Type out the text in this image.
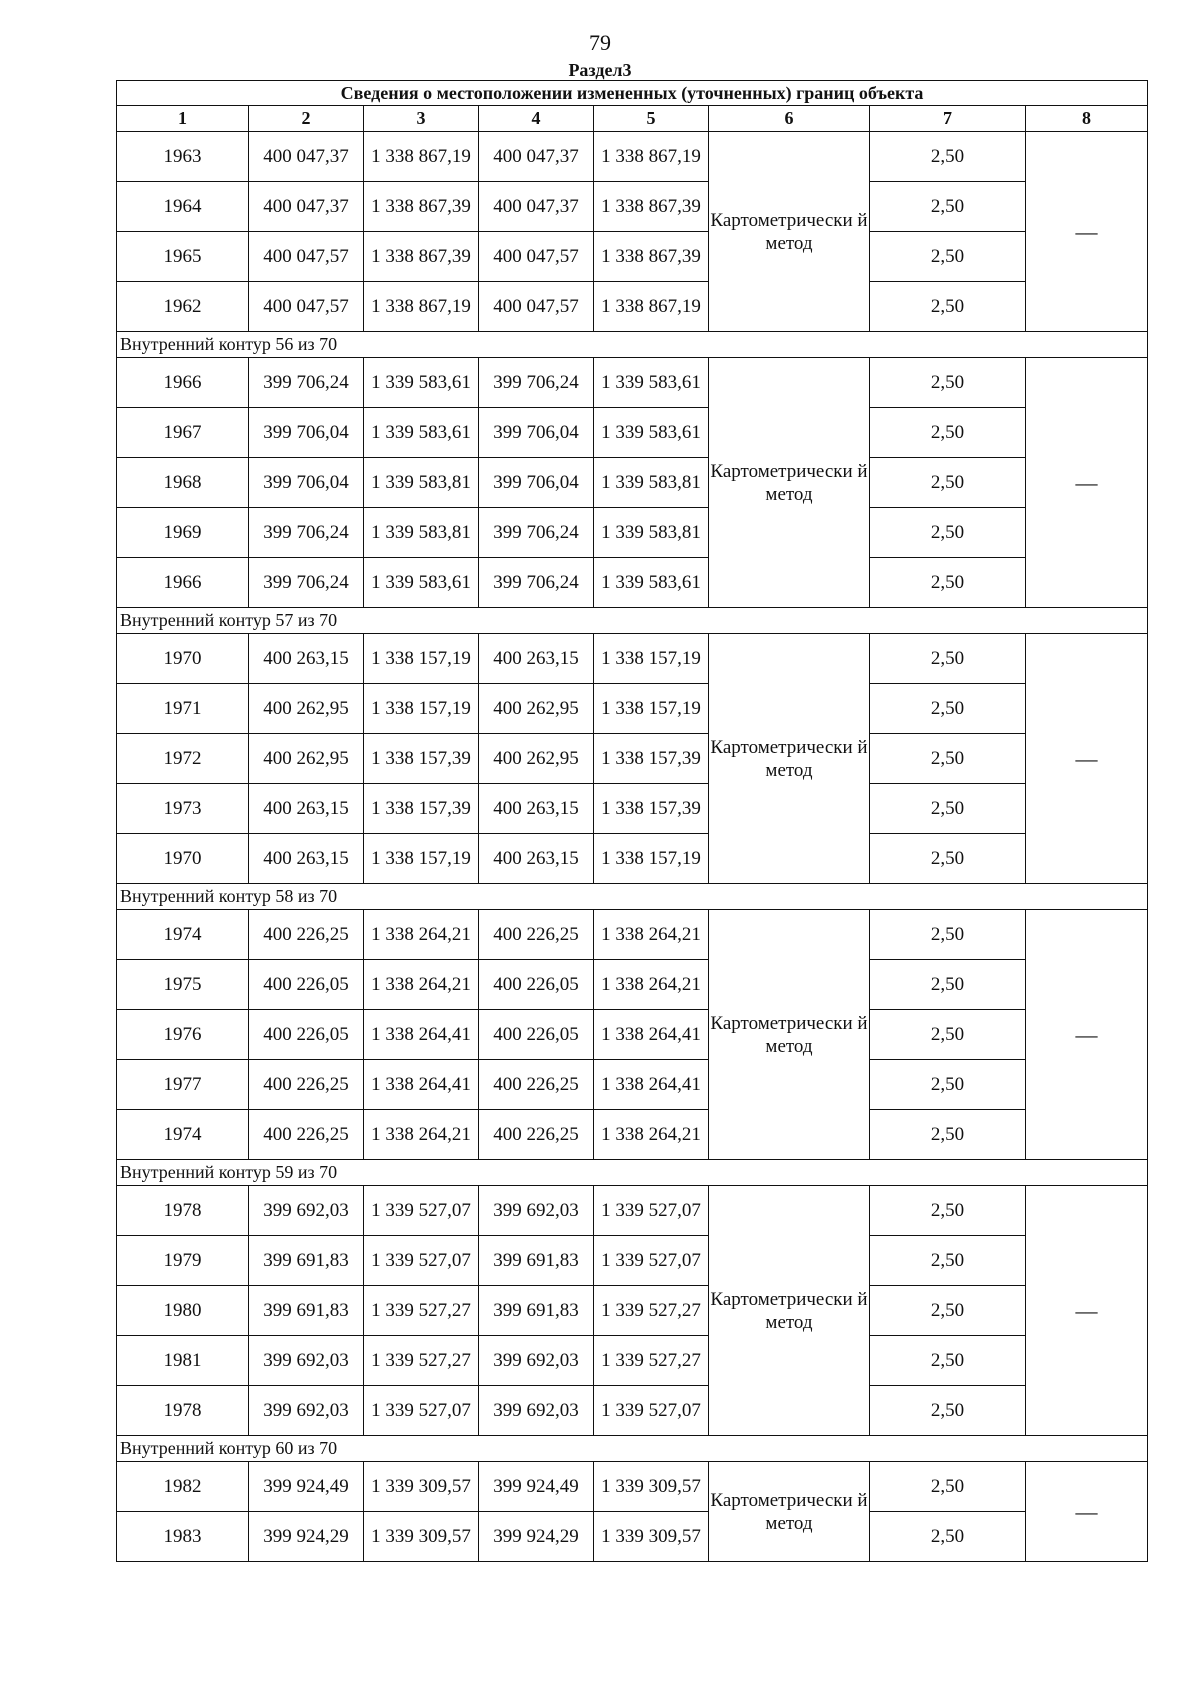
79
Раздел3
Сведения о местоположении измененных (уточненных) границ объекта							
1	2	3	4	5	6	7	8
1963	400 047,37	1 338 867,19	400 047,37	1 338 867,19	Картометрически й метод	2,50	—
1964	400 047,37	1 338 867,39	400 047,37	1 338 867,39		2,50	
1965	400 047,57	1 338 867,39	400 047,57	1 338 867,39		2,50	
1962	400 047,57	1 338 867,19	400 047,57	1 338 867,19		2,50	
Внутренний контур 56 из 70							
1966	399 706,24	1 339 583,61	399 706,24	1 339 583,61	Картометрически й метод	2,50	—
1967	399 706,04	1 339 583,61	399 706,04	1 339 583,61		2,50	
1968	399 706,04	1 339 583,81	399 706,04	1 339 583,81		2,50	
1969	399 706,24	1 339 583,81	399 706,24	1 339 583,81		2,50	
1966	399 706,24	1 339 583,61	399 706,24	1 339 583,61		2,50	
Внутренний контур 57 из 70							
1970	400 263,15	1 338 157,19	400 263,15	1 338 157,19	Картометрически й метод	2,50	—
1971	400 262,95	1 338 157,19	400 262,95	1 338 157,19		2,50	
1972	400 262,95	1 338 157,39	400 262,95	1 338 157,39		2,50	
1973	400 263,15	1 338 157,39	400 263,15	1 338 157,39		2,50	
1970	400 263,15	1 338 157,19	400 263,15	1 338 157,19		2,50	
Внутренний контур 58 из 70							
1974	400 226,25	1 338 264,21	400 226,25	1 338 264,21	Картометрически й метод	2,50	—
1975	400 226,05	1 338 264,21	400 226,05	1 338 264,21		2,50	
1976	400 226,05	1 338 264,41	400 226,05	1 338 264,41		2,50	
1977	400 226,25	1 338 264,41	400 226,25	1 338 264,41		2,50	
1974	400 226,25	1 338 264,21	400 226,25	1 338 264,21		2,50	
Внутренний контур 59 из 70							
1978	399 692,03	1 339 527,07	399 692,03	1 339 527,07	Картометрически й метод	2,50	—
1979	399 691,83	1 339 527,07	399 691,83	1 339 527,07		2,50	
1980	399 691,83	1 339 527,27	399 691,83	1 339 527,27		2,50	
1981	399 692,03	1 339 527,27	399 692,03	1 339 527,27		2,50	
1978	399 692,03	1 339 527,07	399 692,03	1 339 527,07		2,50	
Внутренний контур 60 из 70							
1982	399 924,49	1 339 309,57	399 924,49	1 339 309,57	Картометрически й метод	2,50	—
1983	399 924,29	1 339 309,57	399 924,29	1 339 309,57		2,50	
